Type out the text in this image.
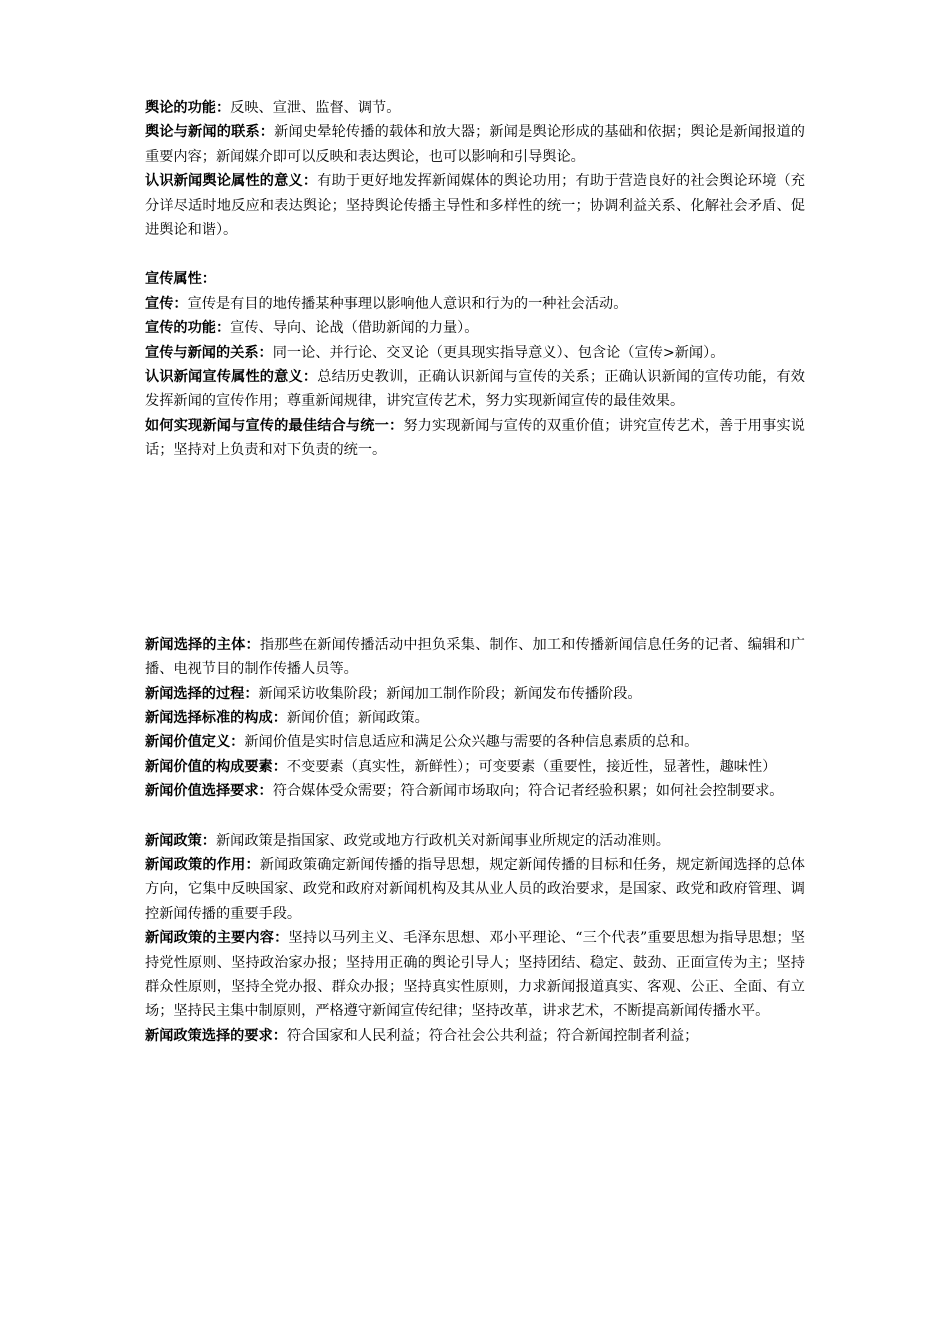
舆论的功能：反映、宣泄、监督、调节。

舆论与新闻的联系：新闻史晕轮传播的载体和放大器；新闻是舆论形成的基础和依据；舆论是新闻报道的重要内容；新闻媒介即可以反映和表达舆论，也可以影响和引导舆论。

认识新闻舆论属性的意义：有助于更好地发挥新闻媒体的舆论功用；有助于营造良好的社会舆论环境（充分详尽适时地反应和表达舆论；坚持舆论传播主导性和多样性的统一；协调利益关系、化解社会矛盾、促进舆论和谐）。

宣传属性：

宣传：宣传是有目的地传播某种事理以影响他人意识和行为的一种社会活动。

宣传的功能：宣传、导向、论战（借助新闻的力量）。

宣传与新闻的关系：同一论、并行论、交叉论（更具现实指导意义）、包含论（宣传>新闻）。

认识新闻宣传属性的意义：总结历史教训，正确认识新闻与宣传的关系；正确认识新闻的宣传功能，有效发挥新闻的宣传作用；尊重新闻规律，讲究宣传艺术，努力实现新闻宣传的最佳效果。

如何实现新闻与宣传的最佳结合与统一：努力实现新闻与宣传的双重价值；讲究宣传艺术，善于用事实说话；坚持对上负责和对下负责的统一。

新闻选择的主体：指那些在新闻传播活动中担负采集、制作、加工和传播新闻信息任务的记者、编辑和广播、电视节目的制作传播人员等。

新闻选择的过程：新闻采访收集阶段；新闻加工制作阶段；新闻发布传播阶段。

新闻选择标准的构成：新闻价值；新闻政策。

新闻价值定义：新闻价值是实时信息适应和满足公众兴趣与需要的各种信息素质的总和。

新闻价值的构成要素：不变要素（真实性，新鲜性）；可变要素（重要性，接近性，显著性，趣味性）

新闻价值选择要求：符合媒体受众需要；符合新闻市场取向；符合记者经验积累；如何社会控制要求。

新闻政策：新闻政策是指国家、政党或地方行政机关对新闻事业所规定的活动准则。

新闻政策的作用：新闻政策确定新闻传播的指导思想，规定新闻传播的目标和任务，规定新闻选择的总体方向，它集中反映国家、政党和政府对新闻机构及其从业人员的政治要求，是国家、政党和政府管理、调控新闻传播的重要手段。

新闻政策的主要内容：坚持以马列主义、毛泽东思想、邓小平理论、“三个代表”重要思想为指导思想；坚持党性原则、坚持政治家办报；坚持用正确的舆论引导人；坚持团结、稳定、鼓劲、正面宣传为主；坚持群众性原则，坚持全党办报、群众办报；坚持真实性原则，力求新闻报道真实、客观、公正、全面、有立场；坚持民主集中制原则，严格遵守新闻宣传纪律；坚持改革，讲求艺术，不断提高新闻传播水平。

新闻政策选择的要求：符合国家和人民利益；符合社会公共利益；符合新闻控制者利益；
